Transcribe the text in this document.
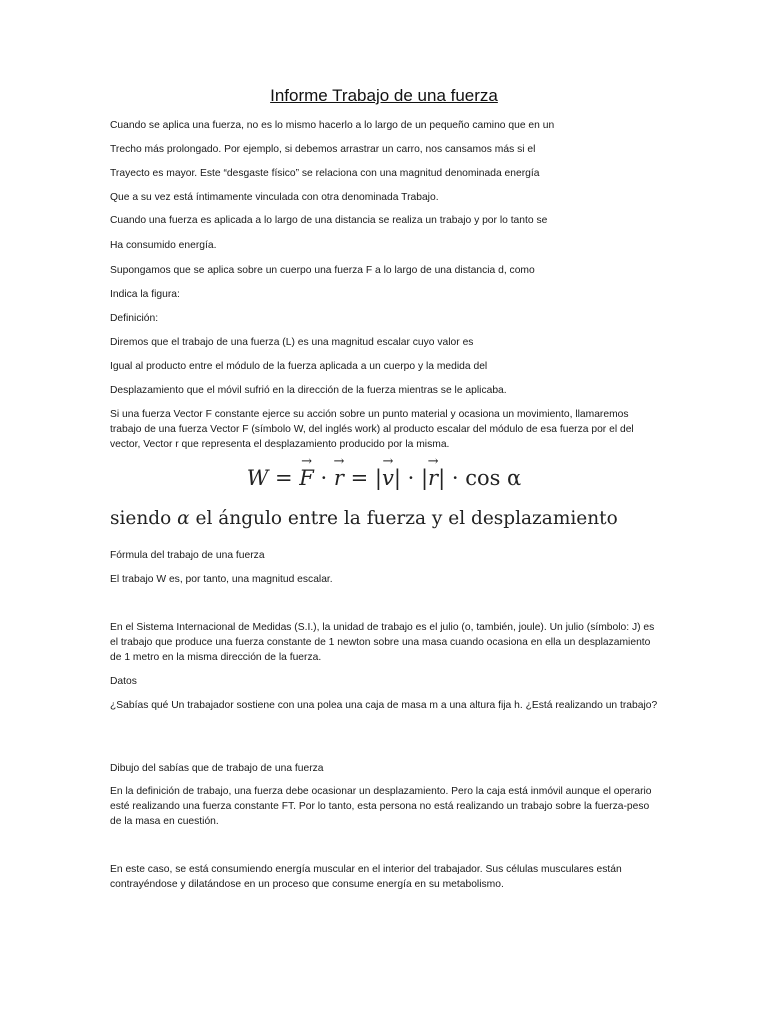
Informe Trabajo de una fuerza
Cuando se aplica una fuerza, no es lo mismo hacerlo a lo largo de un pequeño camino que en un
Trecho más prolongado. Por ejemplo, si debemos arrastrar un carro, nos cansamos más si el
Trayecto es mayor. Este “desgaste físico” se relaciona con una magnitud denominada energía
Que a su vez está íntimamente vinculada con otra denominada Trabajo.
Cuando una fuerza es aplicada a lo largo de una distancia se realiza un trabajo y por lo tanto se
Ha consumido energía.
Supongamos que se aplica sobre un cuerpo una fuerza F a lo largo de una distancia d, como
Indica la figura:
Definición:
Diremos que el trabajo de una fuerza (L) es una magnitud escalar cuyo valor es
Igual al producto entre el módulo de la fuerza aplicada a un cuerpo y la medida del
Desplazamiento que el móvil sufrió en la dirección de la fuerza mientras se le aplicaba.
Si una fuerza Vector F constante ejerce su acción sobre un punto material y ocasiona un movimiento, llamaremos trabajo de una fuerza Vector F (símbolo W, del inglés work) al producto escalar del módulo de esa fuerza por el del vector, Vector r que representa el desplazamiento producido por la misma.
W =
→
F ·
→
r = |
→
v| · |
→
r| · cos α
siendo α el ángulo entre la fuerza y el desplazamiento
Fórmula del trabajo de una fuerza
El trabajo W es, por tanto, una magnitud escalar.
En el Sistema Internacional de Medidas (S.I.), la unidad de trabajo es el julio (o, también, joule). Un julio (símbolo: J) es el trabajo que produce una fuerza constante de 1 newton sobre una masa cuando ocasiona en ella un desplazamiento de 1 metro en la misma dirección de la fuerza.
Datos
¿Sabías qué Un trabajador sostiene con una polea una caja de masa m a una altura fija h. ¿Está realizando un trabajo?
Dibujo del sabías que de trabajo de una fuerza
En la definición de trabajo, una fuerza debe ocasionar un desplazamiento. Pero la caja está inmóvil aunque el operario esté realizando una fuerza constante FT. Por lo tanto, esta persona no está realizando un trabajo sobre la fuerza-peso de la masa en cuestión.
En este caso, se está consumiendo energía muscular en el interior del trabajador. Sus células musculares están contrayéndose y dilatándose en un proceso que consume energía en su metabolismo.
